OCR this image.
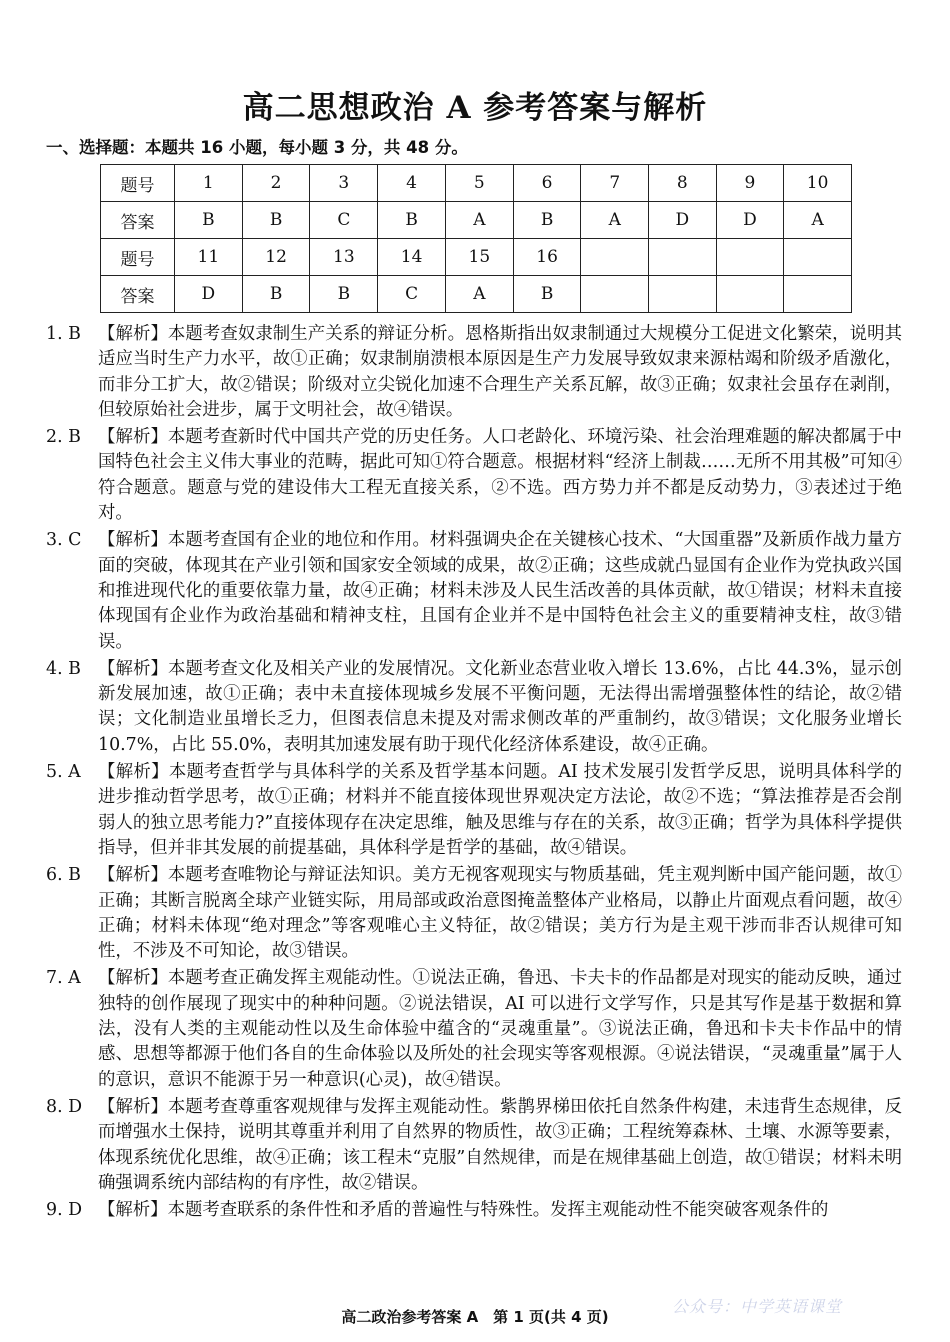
高二思想政治 A 参考答案与解析
一、选择题：本题共 16 小题，每小题 3 分，共 48 分。
题号	1	2	3	4	5	6	7	8	9	10
答案	B	B	C	B	A	B	A	D	D	A
题号	11	12	13	14	15	16				
答案	D	B	B	C	A	B				
1. B 【解析】本题考查奴隶制生产关系的辩证分析。恩格斯指出奴隶制通过大规模分工促进文化繁荣，说明其适应当时生产力水平，故①正确；奴隶制崩溃根本原因是生产力发展导致奴隶来源枯竭和阶级矛盾激化，而非分工扩大，故②错误；阶级对立尖锐化加速不合理生产关系瓦解，故③正确；奴隶社会虽存在剥削，但较原始社会进步，属于文明社会，故④错误。
2. B 【解析】本题考查新时代中国共产党的历史任务。人口老龄化、环境污染、社会治理难题的解决都属于中国特色社会主义伟大事业的范畴，据此可知①符合题意。根据材料“经济上制裁……无所不用其极”可知④符合题意。题意与党的建设伟大工程无直接关系，②不选。西方势力并不都是反动势力，③表述过于绝对。
3. C 【解析】本题考查国有企业的地位和作用。材料强调央企在关键核心技术、“大国重器”及新质作战力量方面的突破，体现其在产业引领和国家安全领域的成果，故②正确；这些成就凸显国有企业作为党执政兴国和推进现代化的重要依靠力量，故④正确；材料未涉及人民生活改善的具体贡献，故①错误；材料未直接体现国有企业作为政治基础和精神支柱，且国有企业并不是中国特色社会主义的重要精神支柱，故③错误。
4. B 【解析】本题考查文化及相关产业的发展情况。文化新业态营业收入增长 13.6%，占比 44.3%，显示创新发展加速，故①正确；表中未直接体现城乡发展不平衡问题，无法得出需增强整体性的结论，故②错误；文化制造业虽增长乏力，但图表信息未提及对需求侧改革的严重制约，故③错误；文化服务业增长 10.7%，占比 55.0%，表明其加速发展有助于现代化经济体系建设，故④正确。
5. A 【解析】本题考查哲学与具体科学的关系及哲学基本问题。AI 技术发展引发哲学反思，说明具体科学的进步推动哲学思考，故①正确；材料并不能直接体现世界观决定方法论，故②不选；“算法推荐是否会削弱人的独立思考能力?”直接体现存在决定思维，触及思维与存在的关系，故③正确；哲学为具体科学提供指导，但并非其发展的前提基础，具体科学是哲学的基础，故④错误。
6. B 【解析】本题考查唯物论与辩证法知识。美方无视客观现实与物质基础，凭主观判断中国产能问题，故①正确；其断言脱离全球产业链实际，用局部或政治意图掩盖整体产业格局，以静止片面观点看问题，故④正确；材料未体现“绝对理念”等客观唯心主义特征，故②错误；美方行为是主观干涉而非否认规律可知性，不涉及不可知论，故③错误。
7. A 【解析】本题考查正确发挥主观能动性。①说法正确，鲁迅、卡夫卡的作品都是对现实的能动反映，通过独特的创作展现了现实中的种种问题。②说法错误，AI 可以进行文学写作，只是其写作是基于数据和算法，没有人类的主观能动性以及生命体验中蕴含的“灵魂重量”。③说法正确，鲁迅和卡夫卡作品中的情感、思想等都源于他们各自的生命体验以及所处的社会现实等客观根源。④说法错误，“灵魂重量”属于人的意识，意识不能源于另一种意识(心灵)，故④错误。
8. D 【解析】本题考查尊重客观规律与发挥主观能动性。紫鹊界梯田依托自然条件构建，未违背生态规律，反而增强水土保持，说明其尊重并利用了自然界的物质性，故③正确；工程统筹森林、土壤、水源等要素，体现系统优化思维，故④正确；该工程未“克服”自然规律，而是在规律基础上创造，故①错误；材料未明确强调系统内部结构的有序性，故②错误。
9. D 【解析】本题考查联系的条件性和矛盾的普遍性与特殊性。发挥主观能动性不能突破客观条件的
高二政治参考答案 A　第 1 页(共 4 页)
公众号：中学英语课堂
